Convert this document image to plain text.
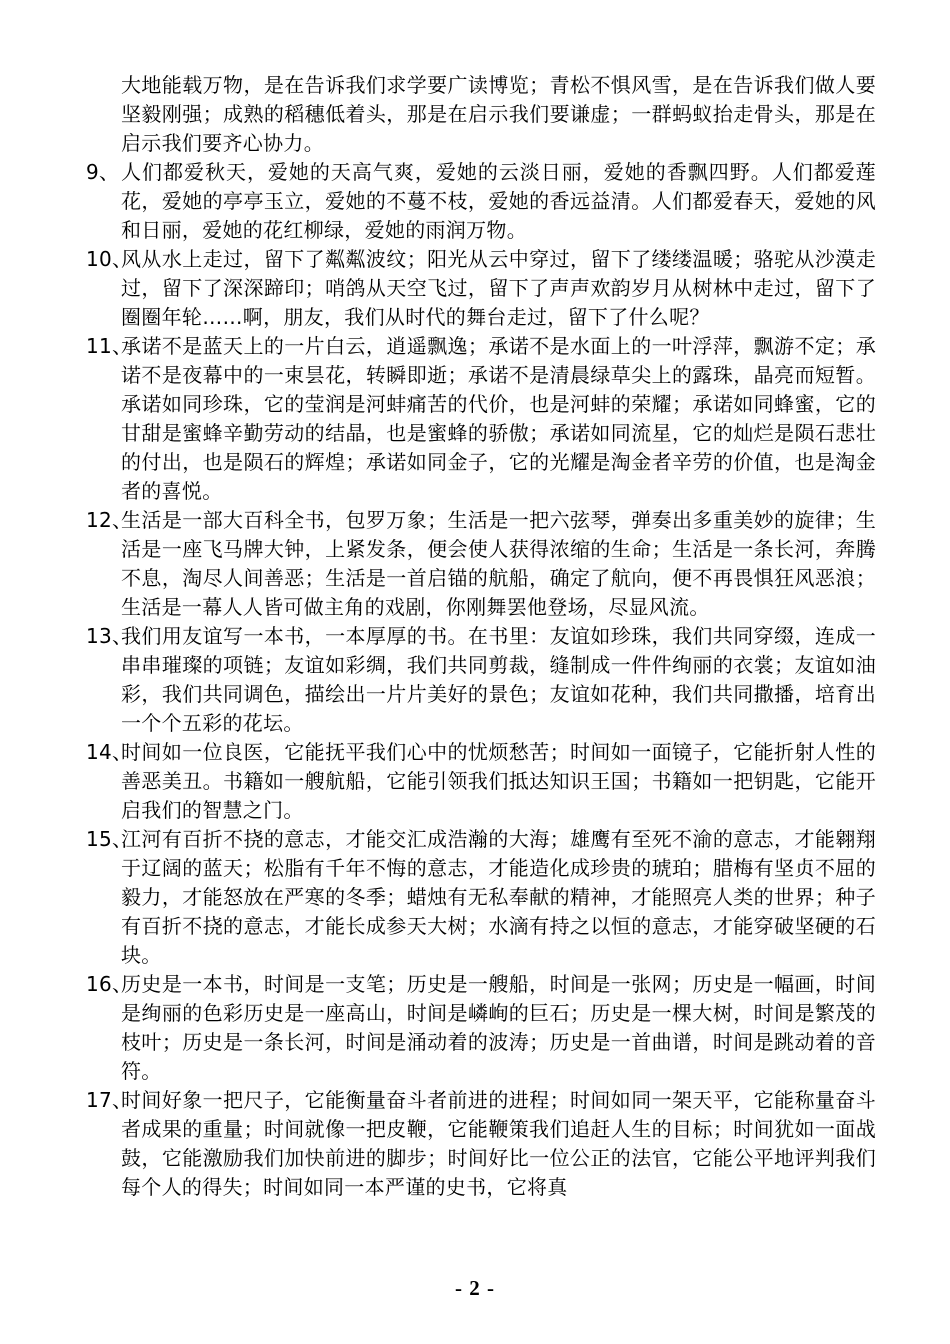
大地能载万物，是在告诉我们求学要广读博览；青松不惧风雪，是在告诉我们做人要坚毅刚强；成熟的稻穗低着头，那是在启示我们要谦虚；一群蚂蚁抬走骨头，那是在启示我们要齐心协力。
9、 人们都爱秋天，爱她的天高气爽，爱她的云淡日丽，爱她的香飘四野。人们都爱莲花，爱她的亭亭玉立，爱她的不蔓不枝，爱她的香远益清。人们都爱春天，爱她的风和日丽，爱她的花红柳绿，爱她的雨润万物。
10、
风从水上走过，留下了粼粼波纹；阳光从云中穿过，留下了缕缕温暖；骆驼从沙漠走过，留下了深深蹄印；哨鸽从天空飞过，留下了声声欢韵岁月从树林中走过，留下了圈圈年轮……啊，朋友，我们从时代的舞台走过，留下了什么呢？
11、
承诺不是蓝天上的一片白云，逍遥飘逸；承诺不是水面上的一叶浮萍，飘游不定；承诺不是夜幕中的一束昙花，转瞬即逝；承诺不是清晨绿草尖上的露珠，晶亮而短暂。承诺如同珍珠，它的莹润是河蚌痛苦的代价，也是河蚌的荣耀；承诺如同蜂蜜，它的甘甜是蜜蜂辛勤劳动的结晶，也是蜜蜂的骄傲；承诺如同流星，它的灿烂是陨石悲壮的付出，也是陨石的辉煌；承诺如同金子，它的光耀是淘金者辛劳的价值，也是淘金者的喜悦。
12、
生活是一部大百科全书，包罗万象；生活是一把六弦琴，弹奏出多重美妙的旋律；生活是一座飞马牌大钟，上紧发条，便会使人获得浓缩的生命；生活是一条长河，奔腾不息，淘尽人间善恶；生活是一首启锚的航船，确定了航向，便不再畏惧狂风恶浪；生活是一幕人人皆可做主角的戏剧，你刚舞罢他登场，尽显风流。
13、
我们用友谊写一本书，一本厚厚的书。在书里：友谊如珍珠，我们共同穿缀，连成一串串璀璨的项链；友谊如彩绸，我们共同剪裁，缝制成一件件绚丽的衣裳；友谊如油彩，我们共同调色，描绘出一片片美好的景色；友谊如花种，我们共同撒播，培育出一个个五彩的花坛。
14、
时间如一位良医，它能抚平我们心中的忧烦愁苦；时间如一面镜子，它能折射人性的善恶美丑。书籍如一艘航船，它能引领我们抵达知识王国；书籍如一把钥匙，它能开启我们的智慧之门。
15、
江河有百折不挠的意志，才能交汇成浩瀚的大海；雄鹰有至死不渝的意志，才能翱翔于辽阔的蓝天；松脂有千年不悔的意志，才能造化成珍贵的琥珀；腊梅有坚贞不屈的毅力，才能怒放在严寒的冬季；蜡烛有无私奉献的精神，才能照亮人类的世界；种子有百折不挠的意志，才能长成参天大树；水滴有持之以恒的意志，才能穿破坚硬的石块。
16、
历史是一本书，时间是一支笔；历史是一艘船，时间是一张网；历史是一幅画，时间是绚丽的色彩历史是一座高山，时间是嶙峋的巨石；历史是一棵大树，时间是繁茂的枝叶；历史是一条长河，时间是涌动着的波涛；历史是一首曲谱，时间是跳动着的音符。
17、
时间好象一把尺子，它能衡量奋斗者前进的进程；时间如同一架天平，它能称量奋斗者成果的重量；时间就像一把皮鞭，它能鞭策我们追赶人生的目标；时间犹如一面战鼓，它能激励我们加快前进的脚步；时间好比一位公正的法官，它能公平地评判我们每个人的得失；时间如同一本严谨的史书，它将真
- 2 -
